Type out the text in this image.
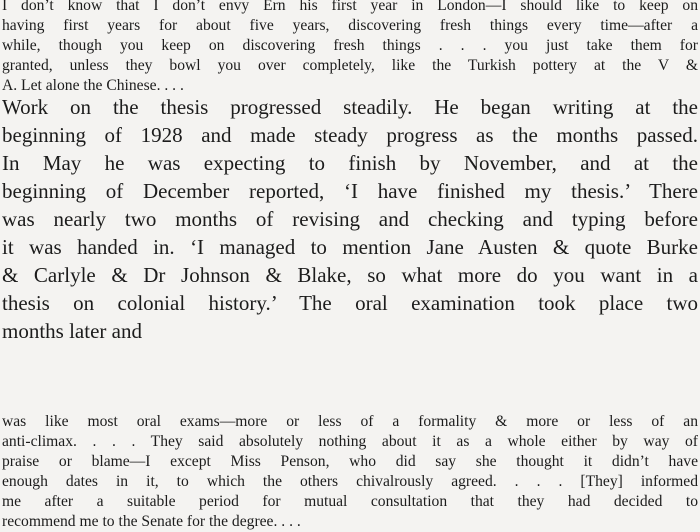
I don’t know that I don’t envy Ern his first year in London—I should like to keep on
having first years for about five years, discovering fresh things every time—after a
while, though you keep on discovering fresh things . . . you just take them for
granted, unless they bowl you over completely, like the Turkish pottery at the V &
A. Let alone the Chinese. . . .
Work on the thesis progressed steadily. He began writing at the
beginning of 1928 and made steady progress as the months passed.
In May he was expecting to finish by November, and at the
beginning of December reported, ‘I have finished my thesis.’ There
was nearly two months of revising and checking and typing before
it was handed in. ‘I managed to mention Jane Austen & quote Burke
& Carlyle & Dr Johnson & Blake, so what more do you want in a
thesis on colonial history.’ The oral examination took place two
months later and
was like most oral exams—more or less of a formality & more or less of an
anti-climax. . . . They said absolutely nothing about it as a whole either by way of
praise or blame—I except Miss Penson, who did say she thought it didn’t have
enough dates in it, to which the others chivalrously agreed. . . . [They] informed
me after a suitable period for mutual consultation that they had decided to
recommend me to the Senate for the degree. . . .
